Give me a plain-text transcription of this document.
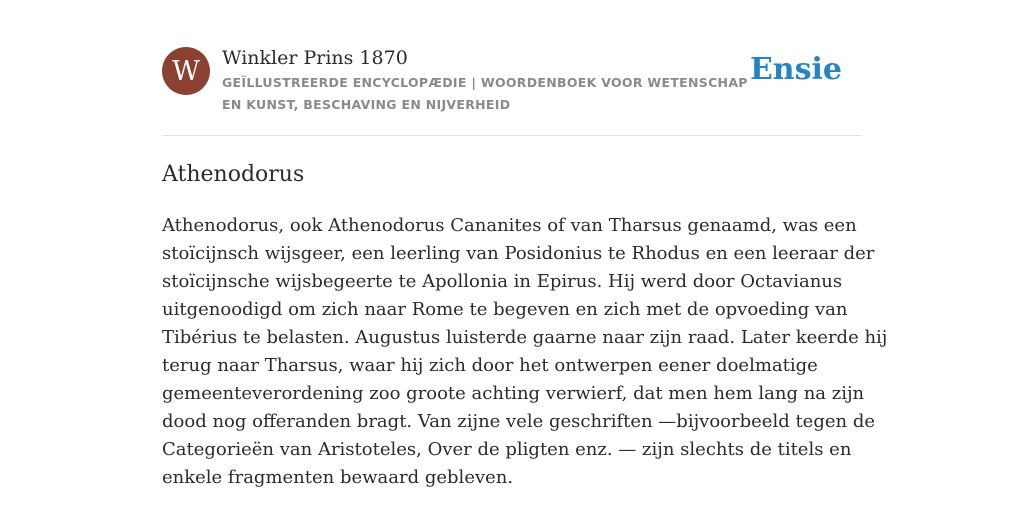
W Winkler Prins 1870
GEÏLLUSTREERDE ENCYCLOPÆDIE | WOORDENBOEK VOOR WETENSCHAP EN KUNST, BESCHAVING EN NIJVERHEID
Ensie
Athenodorus

Athenodorus, ook Athenodorus Cananites of van Tharsus genaamd, was een
stoïcijnsch wijsgeer, een leerling van Posidonius te Rhodus en een leeraar der
stoïcijnsche wijsbegeerte te Apollonia in Epirus. Hij werd door Octavianus
uitgenoodigd om zich naar Rome te begeven en zich met de opvoeding van
Tibérius te belasten. Augustus luisterde gaarne naar zijn raad. Later keerde hij
terug naar Tharsus, waar hij zich door het ontwerpen eener doelmatige
gemeenteverordening zoo groote achting verwierf, dat men hem lang na zijn
dood nog offeranden bragt. Van zijne vele geschriften —bijvoorbeeld tegen de
Categorieën van Aristoteles, Over de pligten enz. — zijn slechts de titels en
enkele fragmenten bewaard gebleven.
